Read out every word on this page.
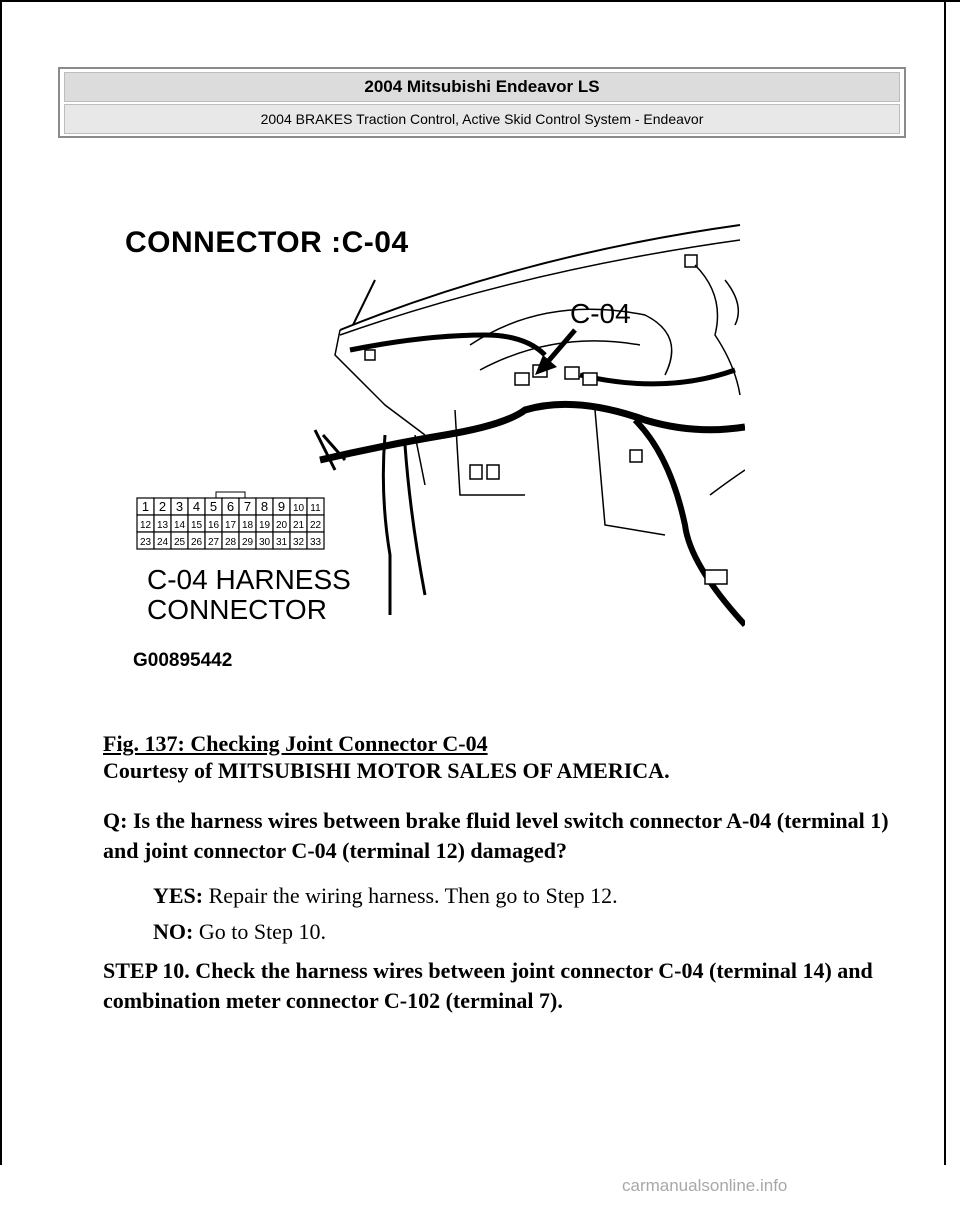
2004 Mitsubishi Endeavor LS
2004 BRAKES Traction Control, Active Skid Control System - Endeavor
C-04
1 2 3 4 5 6 7 8 9 10 11
12 13 14 15 16 17 18 19 20 21 22
23 24 25 26 27 28 29 30 31 32 33
CONNECTOR :C-04
C-04 HARNESS
CONNECTOR
G00895442
Fig. 137: Checking Joint Connector C-04
Courtesy of MITSUBISHI MOTOR SALES OF AMERICA.
Q: Is the harness wires between brake fluid level switch connector A-04 (terminal 1) and joint connector C-04 (terminal 12) damaged?
YES: Repair the wiring harness. Then go to Step 12.
NO: Go to Step 10.
STEP 10. Check the harness wires between joint connector C-04 (terminal 14) and combination meter connector C-102 (terminal 7).
carmanualsonline.info
